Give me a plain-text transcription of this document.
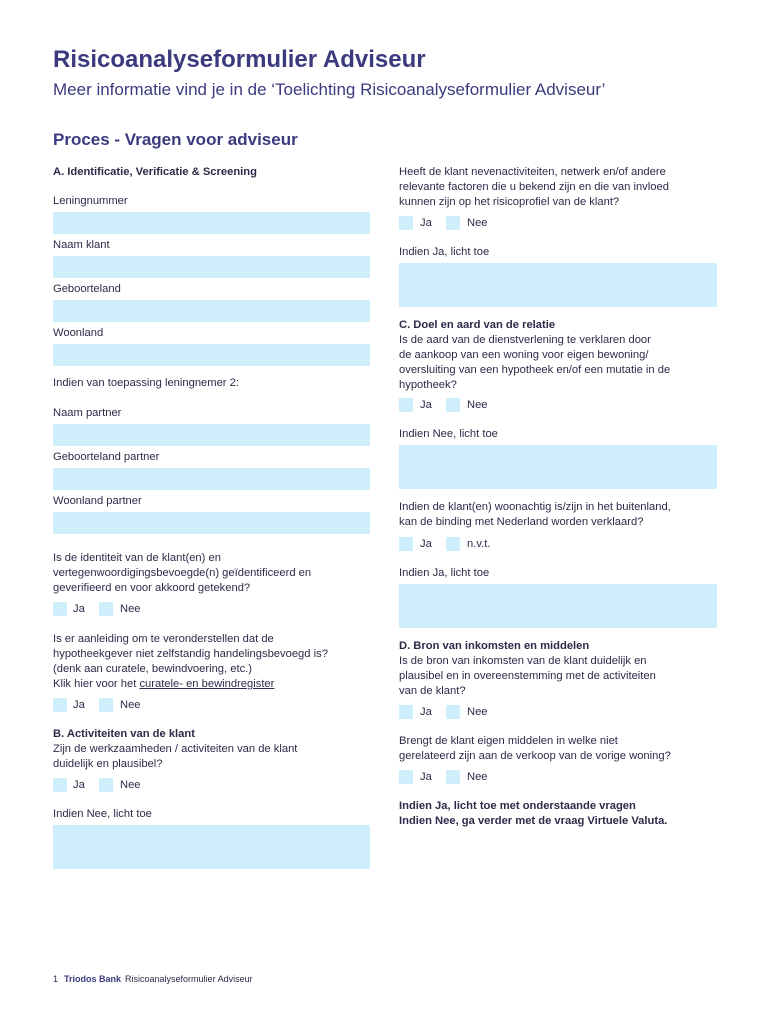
Risicoanalyseformulier Adviseur
Meer informatie vind je in de ‘Toelichting Risicoanalyseformulier Adviseur’
Proces - Vragen voor adviseur
A. Identificatie, Verificatie & Screening
Leningnummer
Naam klant
Geboorteland
Woonland
Indien van toepassing leningnemer 2:
Naam partner
Geboorteland partner
Woonland partner
Is de identiteit van de klant(en) en
vertegenwoordigingsbevoegde(n) geïdentificeerd en
geverifieerd en voor akkoord getekend?
Ja	Nee
Is er aanleiding om te veronderstellen dat de
hypotheekgever niet zelfstandig handelingsbevoegd is?
(denk aan curatele, bewindvoering, etc.)
Klik hier voor het curatele- en bewindregister
Ja	Nee
B. Activiteiten van de klant
Zijn de werkzaamheden / activiteiten van de klant
duidelijk en plausibel?
Ja	Nee
Indien Nee, licht toe
Heeft de klant nevenactiviteiten, netwerk en/of andere
relevante factoren die u bekend zijn en die van invloed
kunnen zijn op het risicoprofiel van de klant?
Ja	Nee
Indien Ja, licht toe
C. Doel en aard van de relatie
Is de aard van de dienstverlening te verklaren door
de aankoop van een woning voor eigen bewoning/
oversluiting van een hypotheek en/of een mutatie in de
hypotheek?
Ja	Nee
Indien Nee, licht toe
Indien de klant(en) woonachtig is/zijn in het buitenland,
kan de binding met Nederland worden verklaard?
Ja	n.v.t.
Indien Ja, licht toe
D. Bron van inkomsten en middelen
Is de bron van inkomsten van de klant duidelijk en
plausibel en in overeenstemming met de activiteiten
van de klant?
Ja	Nee
Brengt de klant eigen middelen in welke niet
gerelateerd zijn aan de verkoop van de vorige woning?
Ja	Nee
Indien Ja, licht toe met onderstaande vragen
Indien Nee, ga verder met de vraag Virtuele Valuta.
1 Triodos Bank Risicoanalyseformulier Adviseur
